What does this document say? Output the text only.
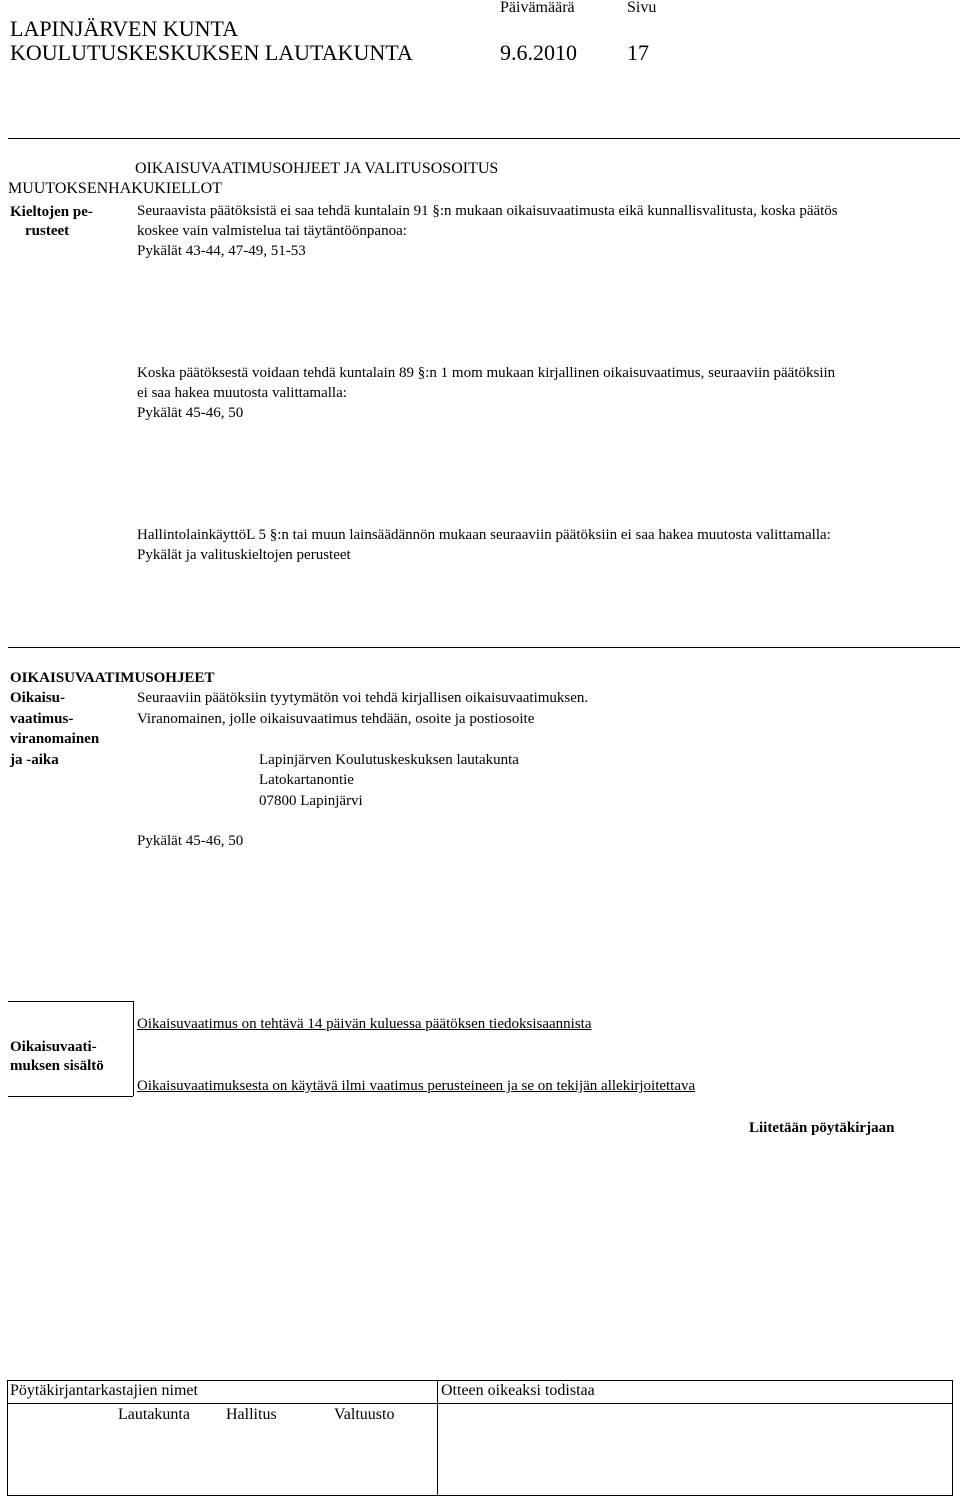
LAPINJÄRVEN KUNTA
KOULUTUSKESKUKSEN LAUTAKUNTA
Päivämäärä
9.6.2010
Sivu
17
OIKAISUVAATIMUSOHJEET JA VALITUSOSOITUS
MUUTOKSENHAKUKIELLOT
Kieltojen pe-
rusteet
Seuraavista päätöksistä ei saa tehdä kuntalain 91 §:n mukaan oikaisuvaatimusta eikä kunnallisvalitusta, koska päätös
koskee vain valmistelua tai täytäntöönpanoa:
Pykälät 43-44, 47-49, 51-53
Koska päätöksestä voidaan tehdä kuntalain 89 §:n 1 mom mukaan kirjallinen oikaisuvaatimus, seuraaviin päätöksiin
ei saa hakea muutosta valittamalla:
Pykälät 45-46, 50
HallintolainkäyttöL 5 §:n tai muun lainsäädännön mukaan seuraaviin päätöksiin ei saa hakea muutosta valittamalla:
Pykälät ja valituskieltojen perusteet
OIKAISUVAATIMUSOHJEET
Oikaisu-
vaatimus-
viranomainen
ja -aika
Seuraaviin päätöksiin tyytymätön voi tehdä kirjallisen oikaisuvaatimuksen.
Viranomainen, jolle oikaisuvaatimus tehdään, osoite ja postiosoite
Lapinjärven Koulutuskeskuksen lautakunta
Latokartanontie
07800 Lapinjärvi
Pykälät 45-46, 50
Oikaisuvaatimus on tehtävä 14 päivän kuluessa päätöksen tiedoksisaannista
Oikaisuvaati-
muksen sisältö
Oikaisuvaatimuksesta on käytävä ilmi vaatimus perusteineen ja se on tekijän allekirjoitettava
Liitetään pöytäkirjaan
Pöytäkirjantarkastajien nimet	Otteen oikeaksi todistaa
Lautakunta Hallitus	Valtuusto
